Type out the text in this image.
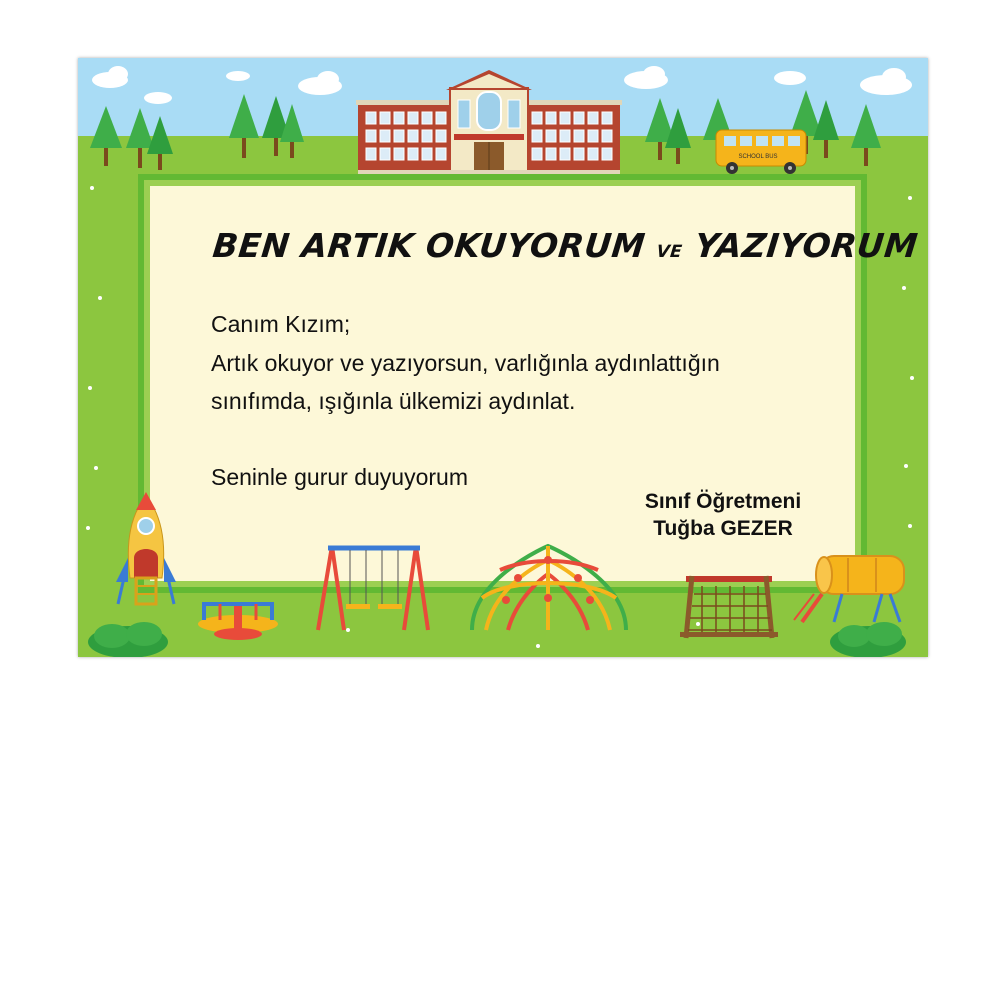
SCHOOL BUS
BEN ARTIK OKUYORUM VE YAZIYORUM
Canım Kızım;
Artık okuyor ve yazıyorsun, varlığınla aydınlattığın
sınıfımda, ışığınla ülkemizi aydınlat.
Seninle gurur duyuyorum
Sınıf Öğretmeni
Tuğba GEZER
